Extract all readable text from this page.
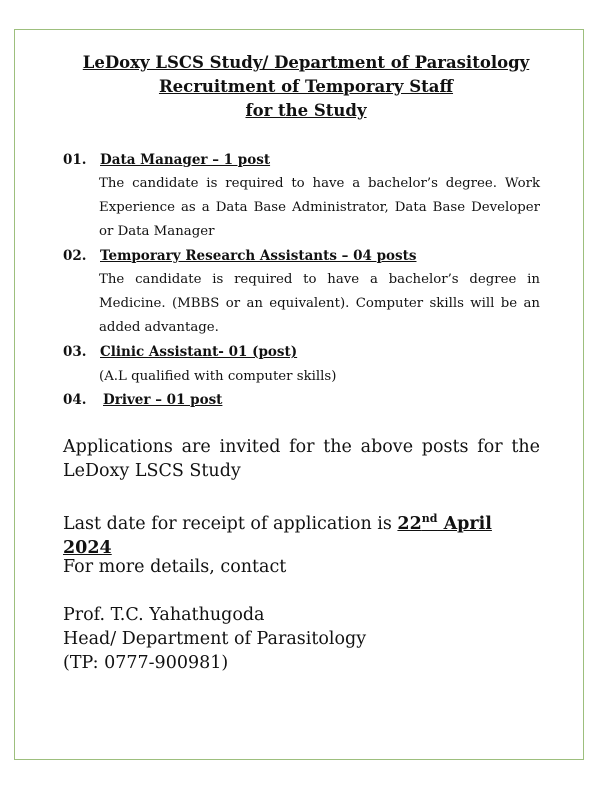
LeDoxy LSCS Study/ Department of Parasitology
Recruitment of Temporary Staff
for the Study
01. Data Manager – 1 post
The candidate is required to have a bachelor’s degree. Work Experience as a Data Base Administrator, Data Base Developer or Data Manager
02. Temporary Research Assistants – 04 posts
The candidate is required to have a bachelor’s degree in Medicine. (MBBS or an equivalent). Computer skills will be an added advantage.
03. Clinic Assistant- 01 (post)
(A.L qualified with computer skills)
04. Driver – 01 post
Applications are invited for the above posts for the LeDoxy LSCS Study
Last date for receipt of application is 22nd April 2024
For more details, contact
Prof. T.C. Yahathugoda
Head/ Department of Parasitology
(TP: 0777-900981)
